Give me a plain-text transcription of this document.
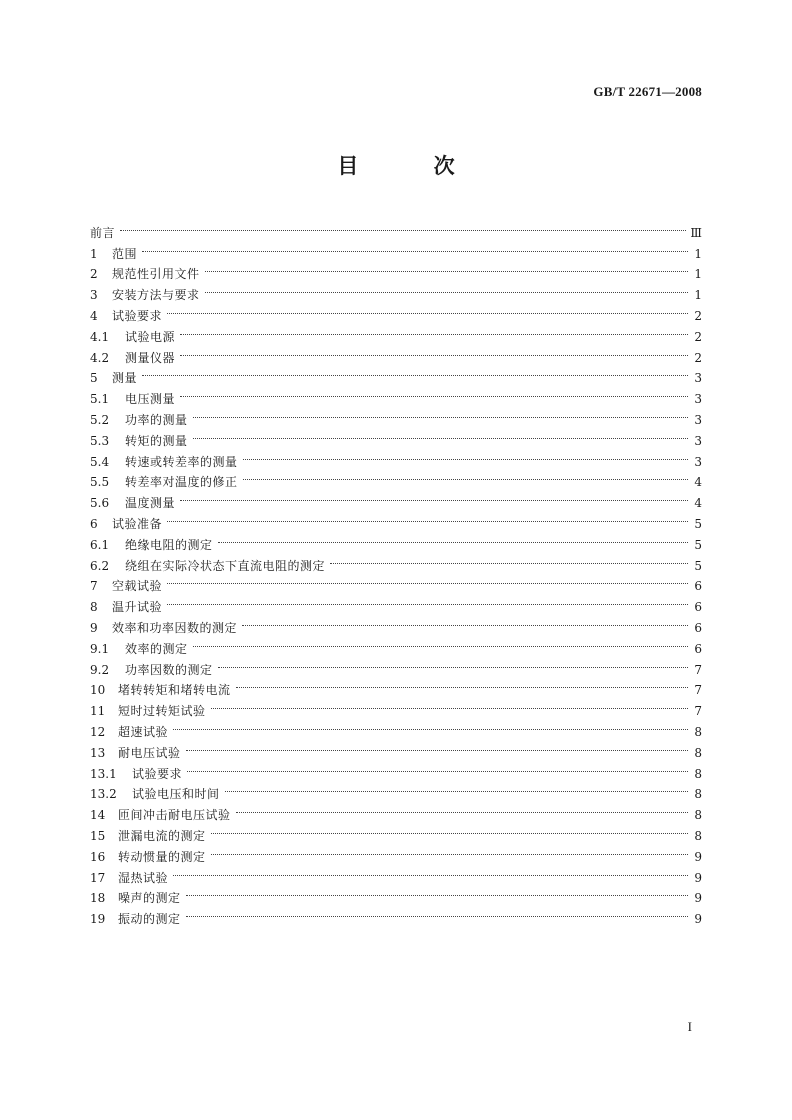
GB/T 22671—2008
目 次
前言	Ⅲ
1	范围	1
2	规范性引用文件	1
3	安装方法与要求	1
4	试验要求	2
4.1	试验电源	2
4.2	测量仪器	2
5	测量	3
5.1	电压测量	3
5.2	功率的测量	3
5.3	转矩的测量	3
5.4	转速或转差率的测量	3
5.5	转差率对温度的修正	4
5.6	温度测量	4
6	试验准备	5
6.1	绝缘电阻的测定	5
6.2	绕组在实际冷状态下直流电阻的测定	5
7	空载试验	6
8	温升试验	6
9	效率和功率因数的测定	6
9.1	效率的测定	6
9.2	功率因数的测定	7
10	堵转转矩和堵转电流	7
11	短时过转矩试验	7
12	超速试验	8
13	耐电压试验	8
13.1	试验要求	8
13.2	试验电压和时间	8
14	匝间冲击耐电压试验	8
15	泄漏电流的测定	8
16	转动惯量的测定	9
17	湿热试验	9
18	噪声的测定	9
19	振动的测定	9
I
